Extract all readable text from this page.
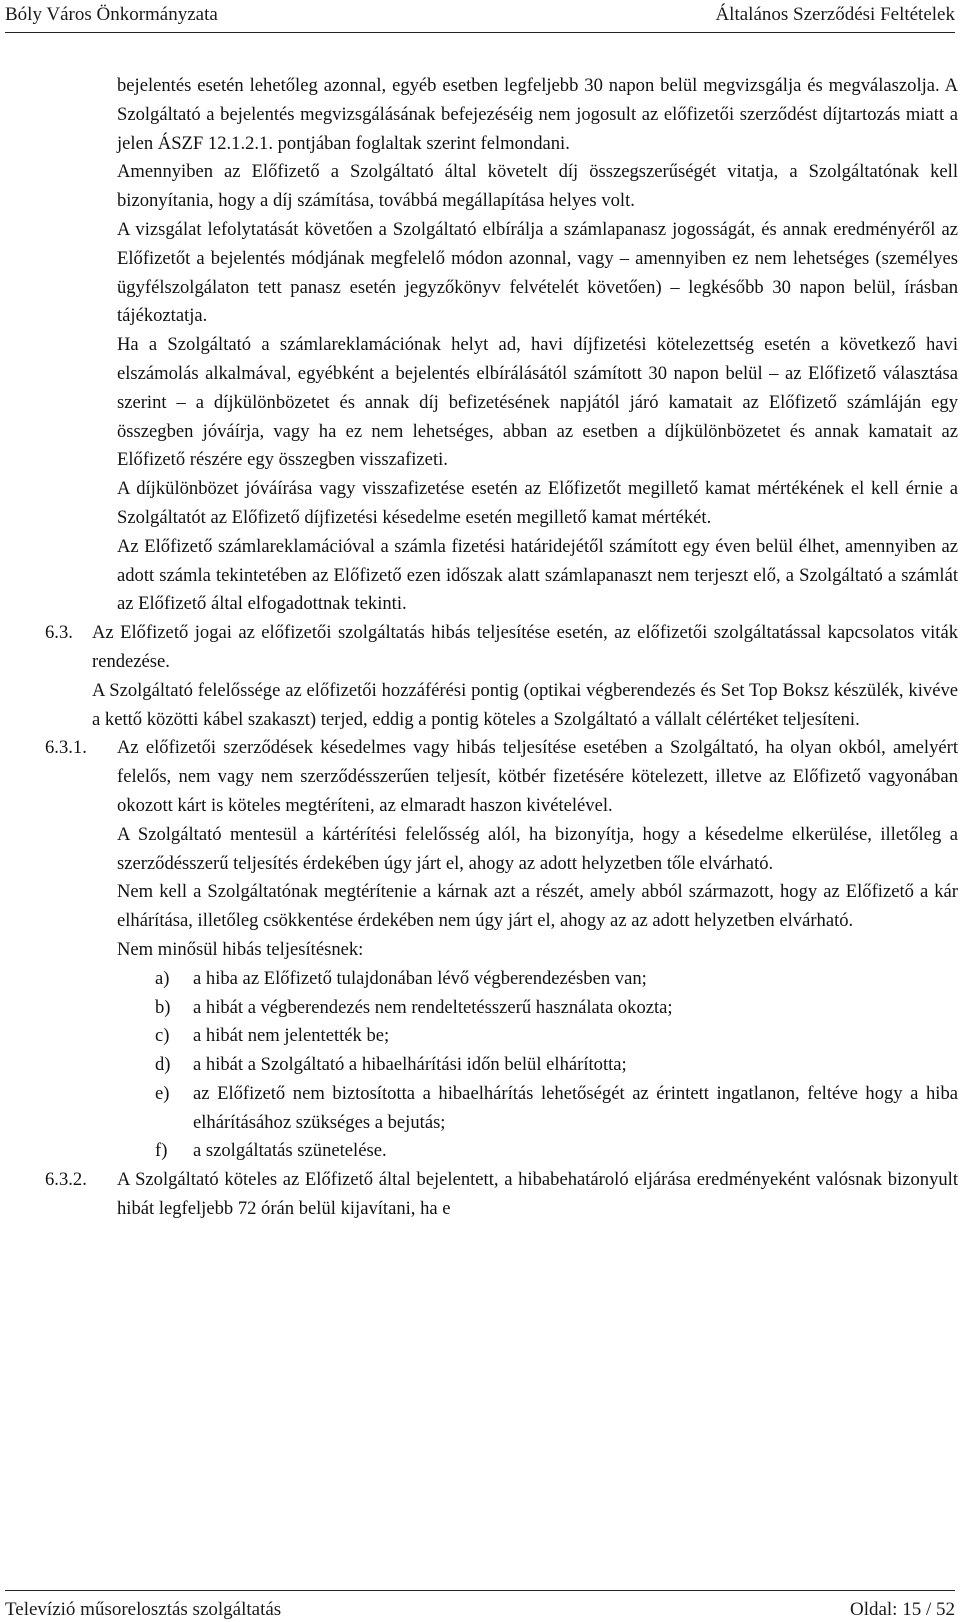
Bóly Város Önkormányzata	Általános Szerződési Feltételek
bejelentés esetén lehetőleg azonnal, egyéb esetben legfeljebb 30 napon belül megvizsgálja és megválaszolja. A Szolgáltató a bejelentés megvizsgálásának befejezéséig nem jogosult az előfizetői szerződést díjtartozás miatt a jelen ÁSZF 12.1.2.1. pontjában foglaltak szerint felmondani.
Amennyiben az Előfizető a Szolgáltató által követelt díj összegszerűségét vitatja, a Szolgáltatónak kell bizonyítania, hogy a díj számítása, továbbá megállapítása helyes volt.
A vizsgálat lefolytatását követően a Szolgáltató elbírálja a számlapanasz jogosságát, és annak eredményéről az Előfizetőt a bejelentés módjának megfelelő módon azonnal, vagy – amennyiben ez nem lehetséges (személyes ügyfélszolgálaton tett panasz esetén jegyzőkönyv felvételét követően) – legkésőbb 30 napon belül, írásban tájékoztatja.
Ha a Szolgáltató a számlareklamációnak helyt ad, havi díjfizetési kötelezettség esetén a következő havi elszámolás alkalmával, egyébként a bejelentés elbírálásától számított 30 napon belül – az Előfizető választása szerint – a díjkülönbözetet és annak díj befizetésének napjától járó kamatait az Előfizető számláján egy összegben jóváírja, vagy ha ez nem lehetséges, abban az esetben a díjkülönbözetet és annak kamatait az Előfizető részére egy összegben visszafizeti.
A díjkülönbözet jóváírása vagy visszafizetése esetén az Előfizetőt megillető kamat mértékének el kell érnie a Szolgáltatót az Előfizető díjfizetési késedelme esetén megillető kamat mértékét.
Az Előfizető számlareklamációval a számla fizetési határidejétől számított egy éven belül élhet, amennyiben az adott számla tekintetében az Előfizető ezen időszak alatt számlapanaszt nem terjeszt elő, a Szolgáltató a számlát az Előfizető által elfogadottnak tekinti.
6.3.	Az Előfizető jogai az előfizetői szolgáltatás hibás teljesítése esetén, az előfizetői szolgáltatással kapcsolatos viták rendezése.
A Szolgáltató felelőssége az előfizetői hozzáférési pontig (optikai végberendezés és Set Top Boksz készülék, kivéve a kettő közötti kábel szakaszt) terjed, eddig a pontig köteles a Szolgáltató a vállalt célértéket teljesíteni.
6.3.1.	Az előfizetői szerződések késedelmes vagy hibás teljesítése esetében a Szolgáltató, ha olyan okból, amelyért felelős, nem vagy nem szerződésszerűen teljesít, kötbér fizetésére kötelezett, illetve az Előfizető vagyonában okozott kárt is köteles megtéríteni, az elmaradt haszon kivételével.
A Szolgáltató mentesül a kártérítési felelősség alól, ha bizonyítja, hogy a késedelme elkerülése, illetőleg a szerződésszerű teljesítés érdekében úgy járt el, ahogy az adott helyzetben tőle elvárható.
Nem kell a Szolgáltatónak megtérítenie a kárnak azt a részét, amely abból származott, hogy az Előfizető a kár elhárítása, illetőleg csökkentése érdekében nem úgy járt el, ahogy az az adott helyzetben elvárható.
Nem minősül hibás teljesítésnek:
a)	a hiba az Előfizető tulajdonában lévő végberendezésben van;
b)	a hibát a végberendezés nem rendeltetésszerű használata okozta;
c)	a hibát nem jelentették be;
d)	a hibát a Szolgáltató a hibaelhárítási időn belül elhárította;
e)	az Előfizető nem biztosította a hibaelhárítás lehetőségét az érintett ingatlanon, feltéve hogy a hiba elhárításához szükséges a bejutás;
f)	a szolgáltatás szünetelése.
6.3.2.	A Szolgáltató köteles az Előfizető által bejelentett, a hibabehatároló eljárása eredményeként valósnak bizonyult hibát legfeljebb 72 órán belül kijavítani, ha e
Televízió műsorelosztás szolgáltatás	Oldal: 15 / 52
